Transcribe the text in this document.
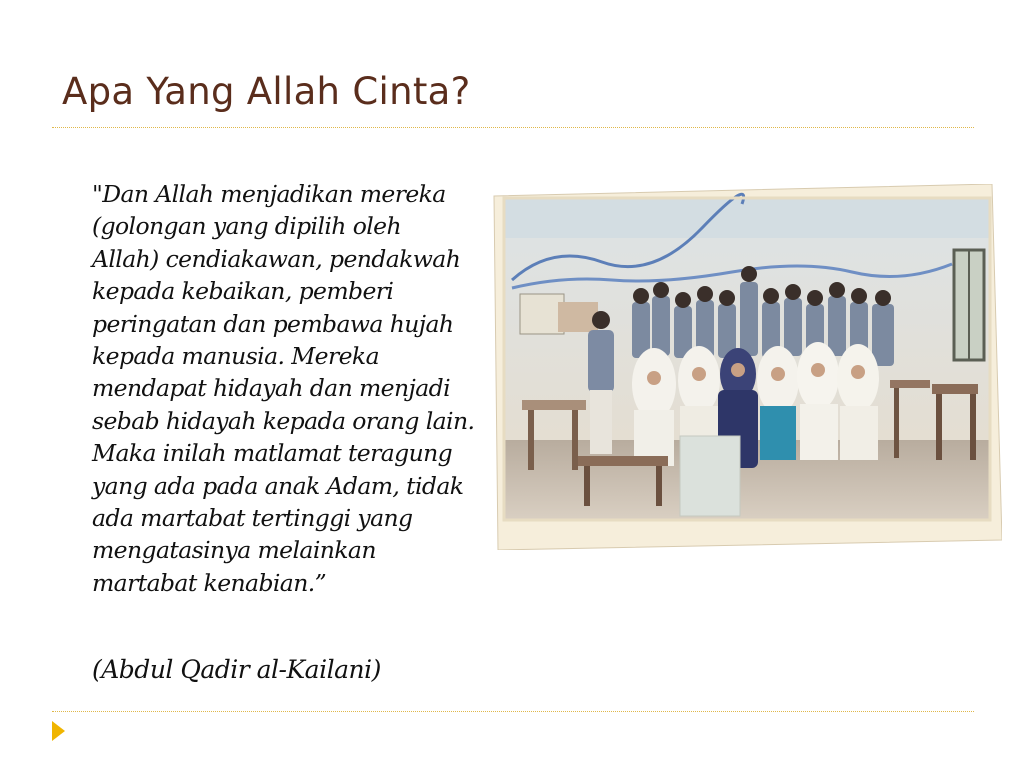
Apa Yang Allah Cinta?
"Dan Allah menjadikan mereka
(golongan yang dipilih oleh
Allah) cendiakawan, pendakwah
kepada kebaikan, pemberi
peringatan dan pembawa hujah
kepada manusia. Mereka
mendapat hidayah dan menjadi
sebab hidayah kepada orang lain.
Maka inilah matlamat teragung
yang ada pada anak Adam, tidak
ada martabat tertinggi yang
mengatasinya melainkan
martabat kenabian.”

(Abdul Qadir al-Kailani)
